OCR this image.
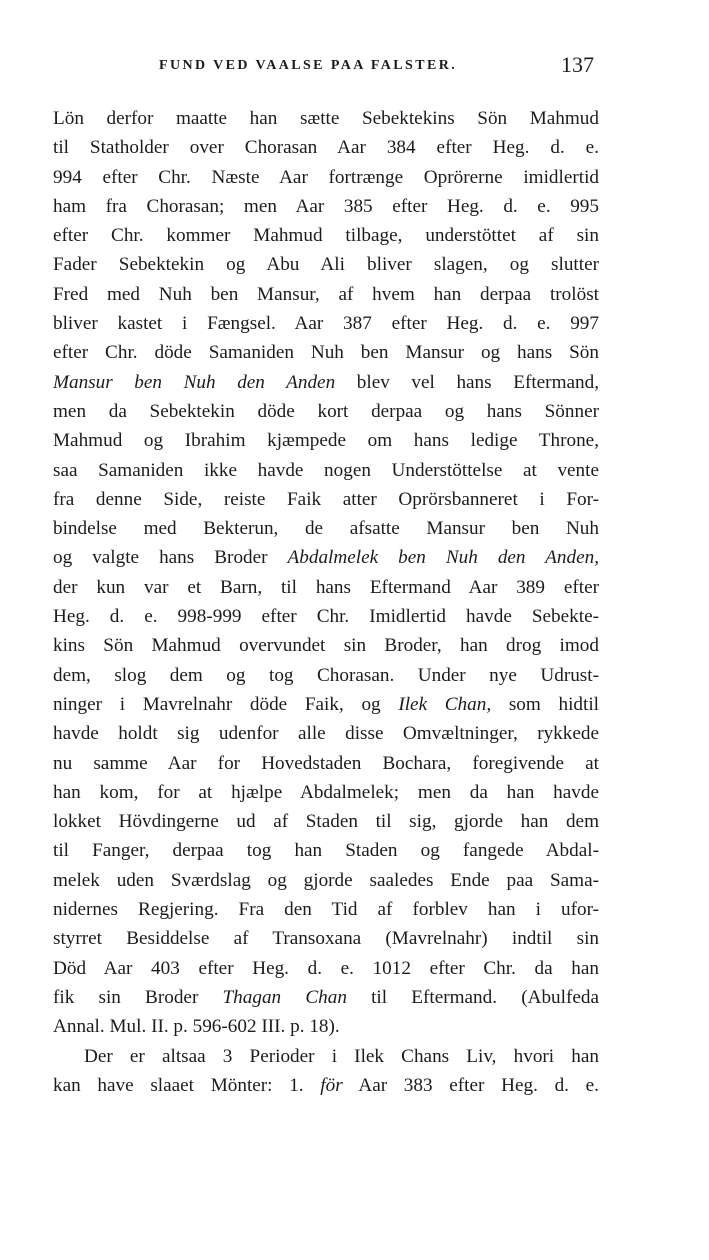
FUND VED VAALSE PAA FALSTER.	137
Lön derfor maatte han sætte Sebektekins Sön Mahmud
til Statholder over Chorasan Aar 384 efter Heg. d. e.
994 efter Chr. Næste Aar fortrænge Oprörerne imidlertid
ham fra Chorasan; men Aar 385 efter Heg. d. e. 995
efter Chr. kommer Mahmud tilbage, understöttet af sin
Fader Sebektekin og Abu Ali bliver slagen, og slutter
Fred med Nuh ben Mansur, af hvem han derpaa trolöst
bliver kastet i Fængsel. Aar 387 efter Heg. d. e. 997
efter Chr. döde Samaniden Nuh ben Mansur og hans Sön
Mansur ben Nuh den Anden blev vel hans Eftermand,
men da Sebektekin döde kort derpaa og hans Sönner
Mahmud og Ibrahim kjæmpede om hans ledige Throne,
saa Samaniden ikke havde nogen Understöttelse at vente
fra denne Side, reiste Faik atter Oprörsbanneret i For-
bindelse med Bekterun, de afsatte Mansur ben Nuh
og valgte hans Broder Abdalmelek ben Nuh den Anden,
der kun var et Barn, til hans Eftermand Aar 389 efter
Heg. d. e. 998-999 efter Chr. Imidlertid havde Sebekte-
kins Sön Mahmud overvundet sin Broder, han drog imod
dem, slog dem og tog Chorasan. Under nye Udrust-
ninger i Mavrelnahr döde Faik, og Ilek Chan, som hidtil
havde holdt sig udenfor alle disse Omvæltninger, rykkede
nu samme Aar for Hovedstaden Bochara, foregivende at
han kom, for at hjælpe Abdalmelek; men da han havde
lokket Hövdingerne ud af Staden til sig, gjorde han dem
til Fanger, derpaa tog han Staden og fangede Abdal-
melek uden Sværdslag og gjorde saaledes Ende paa Sama-
nidernes Regjering. Fra den Tid af forblev han i ufor-
styrret Besiddelse af Transoxana (Mavrelnahr) indtil sin
Död Aar 403 efter Heg. d. e. 1012 efter Chr. da han
fik sin Broder Thagan Chan til Eftermand. (Abulfeda
Annal. Mul. II. p. 596-602 III. p. 18).
Der er altsaa 3 Perioder i Ilek Chans Liv, hvori han
kan have slaaet Mönter: 1. för Aar 383 efter Heg. d. e.
